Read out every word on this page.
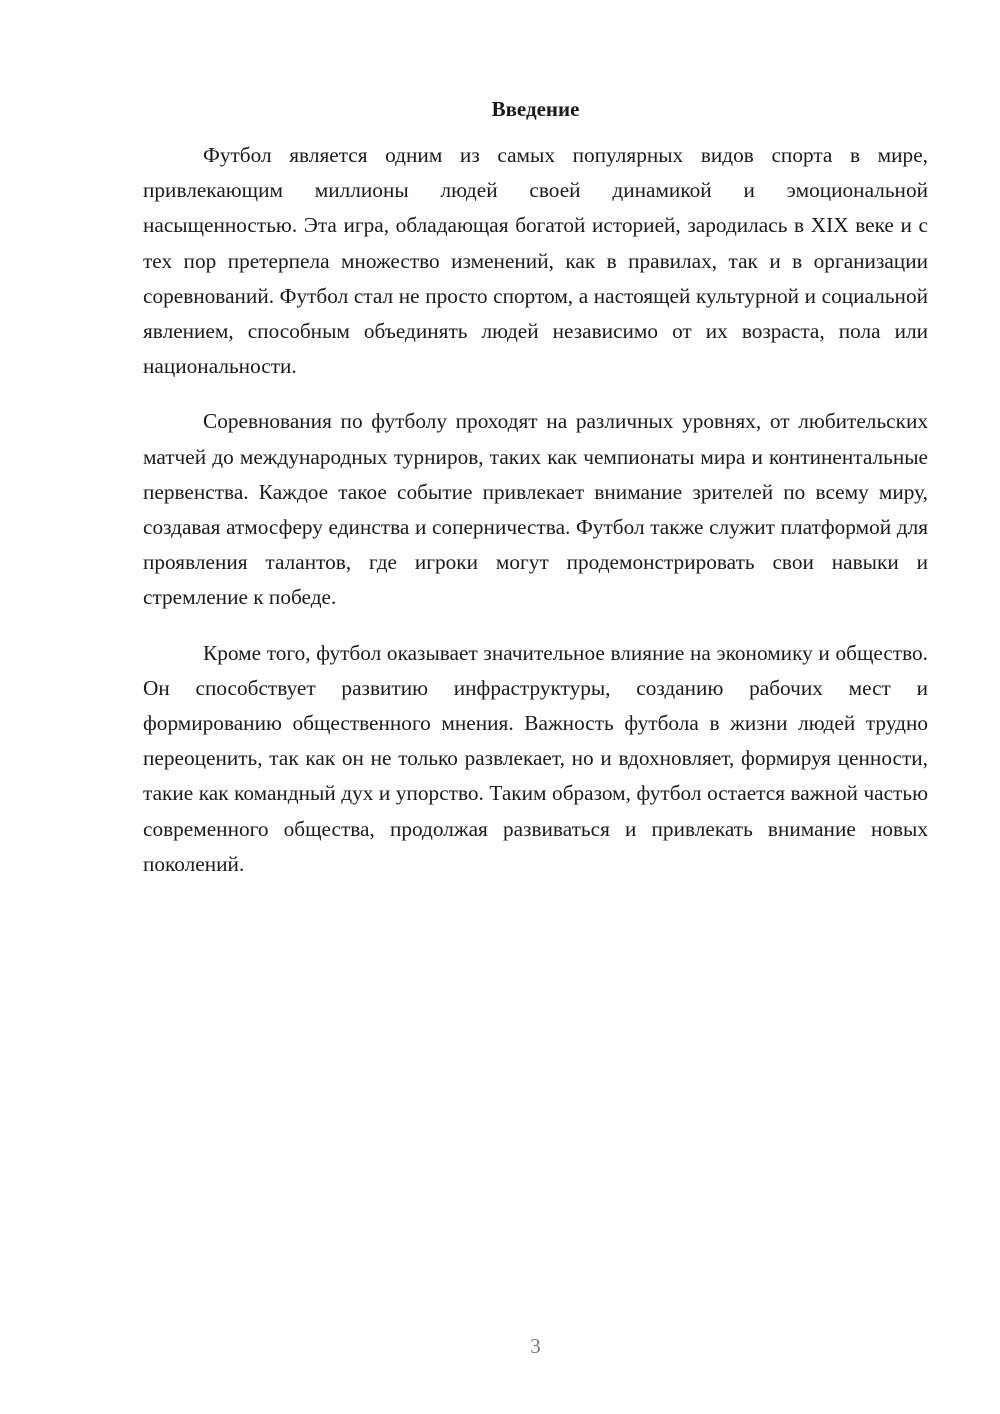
Введение

Футбол является одним из самых популярных видов спорта в мире, привлекающим миллионы людей своей динамикой и эмоциональной насыщенностью. Эта игра, обладающая богатой историей, зародилась в XIX веке и с тех пор претерпела множество изменений, как в правилах, так и в организации соревнований. Футбол стал не просто спортом, а настоящей культурной и социальной явлением, способным объединять людей независимо от их возраста, пола или национальности.

Соревнования по футболу проходят на различных уровнях, от любительских матчей до международных турниров, таких как чемпионаты мира и континентальные первенства. Каждое такое событие привлекает внимание зрителей по всему миру, создавая атмосферу единства и соперничества. Футбол также служит платформой для проявления талантов, где игроки могут продемонстрировать свои навыки и стремление к победе.

Кроме того, футбол оказывает значительное влияние на экономику и общество. Он способствует развитию инфраструктуры, созданию рабочих мест и формированию общественного мнения. Важность футбола в жизни людей трудно переоценить, так как он не только развлекает, но и вдохновляет, формируя ценности, такие как командный дух и упорство. Таким образом, футбол остается важной частью современного общества, продолжая развиваться и привлекать внимание новых поколений.

3
